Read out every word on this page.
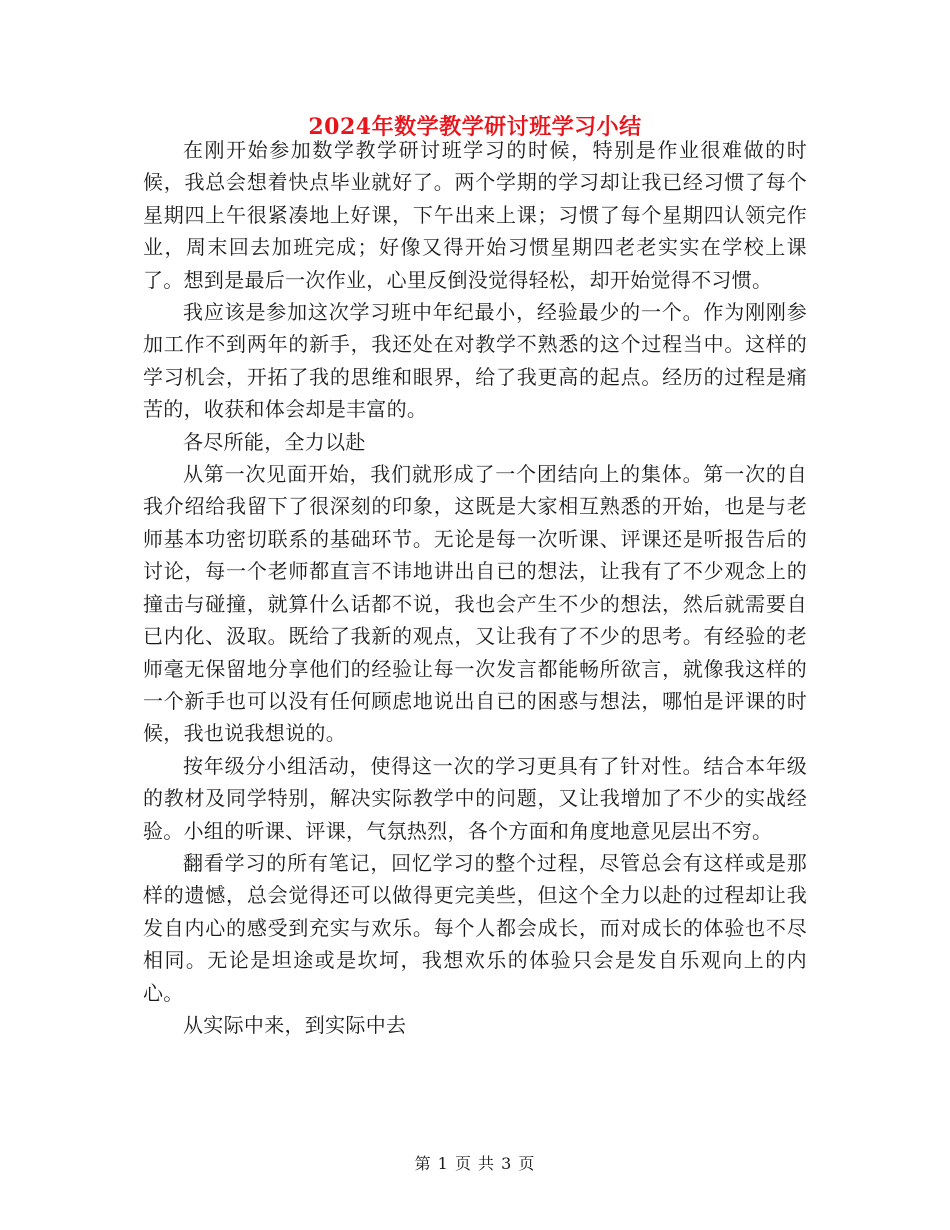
2024年数学教学研讨班学习小结

在刚开始参加数学教学研讨班学习的时候，特别是作业很难做的时候，我总会想着快点毕业就好了。两个学期的学习却让我已经习惯了每个星期四上午很紧凑地上好课，下午出来上课；习惯了每个星期四认领完作业，周末回去加班完成；好像又得开始习惯星期四老老实实在学校上课了。想到是最后一次作业，心里反倒没觉得轻松，却开始觉得不习惯。

我应该是参加这次学习班中年纪最小，经验最少的一个。作为刚刚参加工作不到两年的新手，我还处在对教学不熟悉的这个过程当中。这样的学习机会，开拓了我的思维和眼界，给了我更高的起点。经历的过程是痛苦的，收获和体会却是丰富的。

各尽所能，全力以赴

从第一次见面开始，我们就形成了一个团结向上的集体。第一次的自我介绍给我留下了很深刻的印象，这既是大家相互熟悉的开始，也是与老师基本功密切联系的基础环节。无论是每一次听课、评课还是听报告后的讨论，每一个老师都直言不讳地讲出自已的想法，让我有了不少观念上的撞击与碰撞，就算什么话都不说，我也会产生不少的想法，然后就需要自已内化、汲取。既给了我新的观点，又让我有了不少的思考。有经验的老师毫无保留地分享他们的经验让每一次发言都能畅所欲言，就像我这样的一个新手也可以没有任何顾虑地说出自已的困惑与想法，哪怕是评课的时候，我也说我想说的。

按年级分小组活动，使得这一次的学习更具有了针对性。结合本年级的教材及同学特别，解决实际教学中的问题，又让我增加了不少的实战经验。小组的听课、评课，气氛热烈，各个方面和角度地意见层出不穷。

翻看学习的所有笔记，回忆学习的整个过程，尽管总会有这样或是那样的遗憾，总会觉得还可以做得更完美些，但这个全力以赴的过程却让我发自内心的感受到充实与欢乐。每个人都会成长，而对成长的体验也不尽相同。无论是坦途或是坎坷，我想欢乐的体验只会是发自乐观向上的内心。

从实际中来，到实际中去

第 1 页 共 3 页
